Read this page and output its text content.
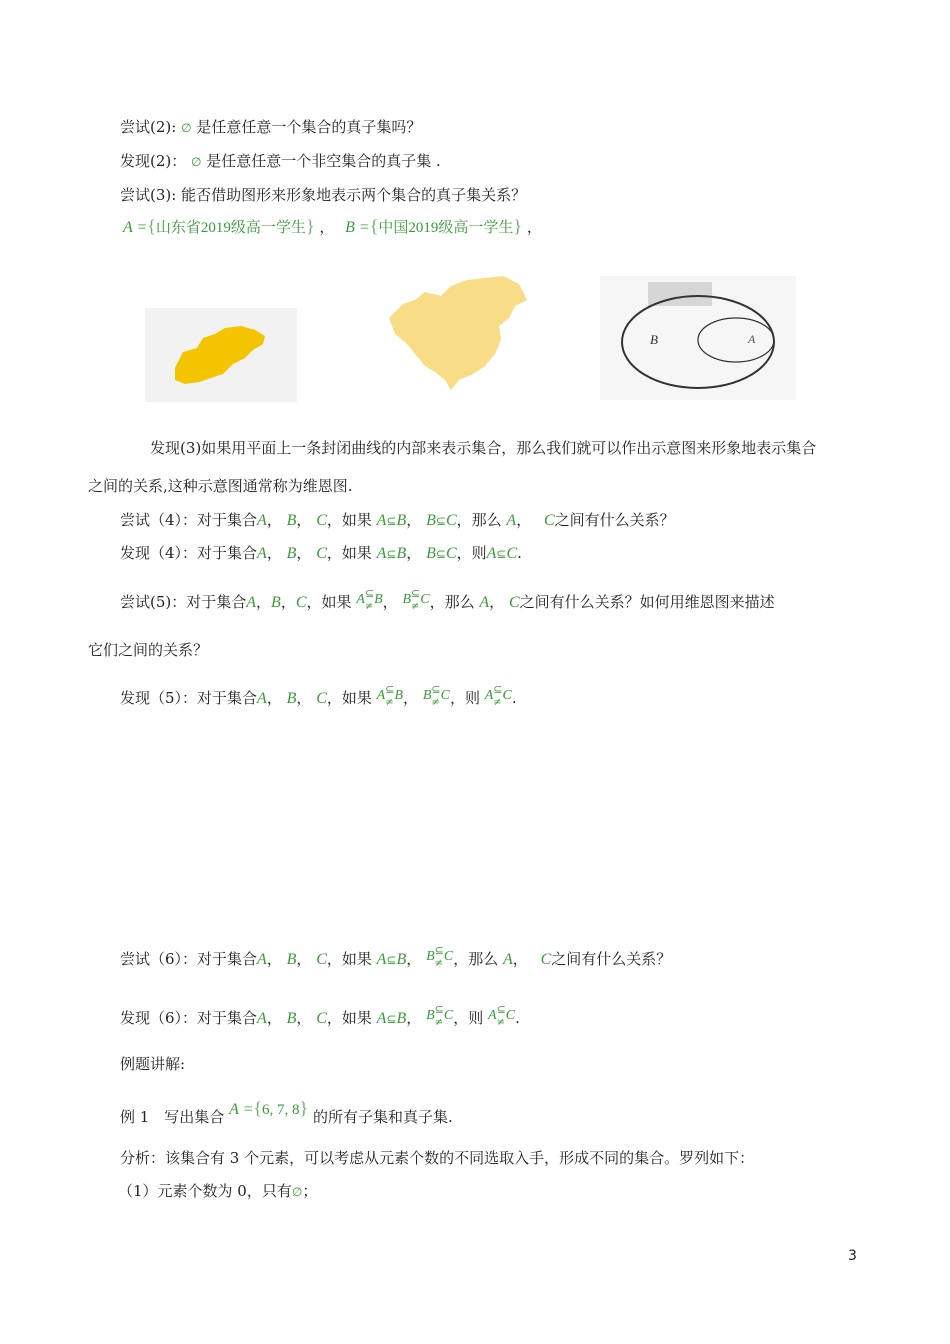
尝试(2): ∅ 是任意任意一个集合的真子集吗？
发现(2)： ∅ 是任意任意一个非空集合的真子集 .
尝试(3): 能否借助图形来形象地表示两个集合的真子集关系？
A ={山东省2019级高一学生} ， B ={中国2019级高一学生} ，
B	A
发现(3)如果用平面上一条封闭曲线的内部来表示集合，那么我们就可以作出示意图来形象地表示集合
之间的关系,这种示意图通常称为维恩图.
尝试（4）：对于集合A， B， C，如果 A⊆B， B⊆C，那么 A， C之间有什么关系？
发现（4）：对于集合A， B， C，如果 A⊆B， B⊆C，则A⊆C.
尝试(5)：对于集合A，B，C，如果 A⊆
≠ B， B⊆
≠ C，那么 A， C之间有什么关系？如何用维恩图来描述
它们之间的关系？
发现（5）：对于集合A， B， C，如果 A⊆
≠ B， B⊆
≠ C，则 A⊆
≠ C.
尝试（6）：对于集合A， B， C，如果 A⊆B， B⊆
≠ C，那么 A， C之间有什么关系？
发现（6）：对于集合A， B， C，如果 A⊆B， B⊆
≠ C，则 A⊆
≠ C.
例题讲解:
例 1　写出集合 A ={6, 7, 8} 的所有子集和真子集.
分析：该集合有 3 个元素，可以考虑从元素个数的不同选取入手，形成不同的集合。罗列如下：
（1）元素个数为 0，只有∅；
3
